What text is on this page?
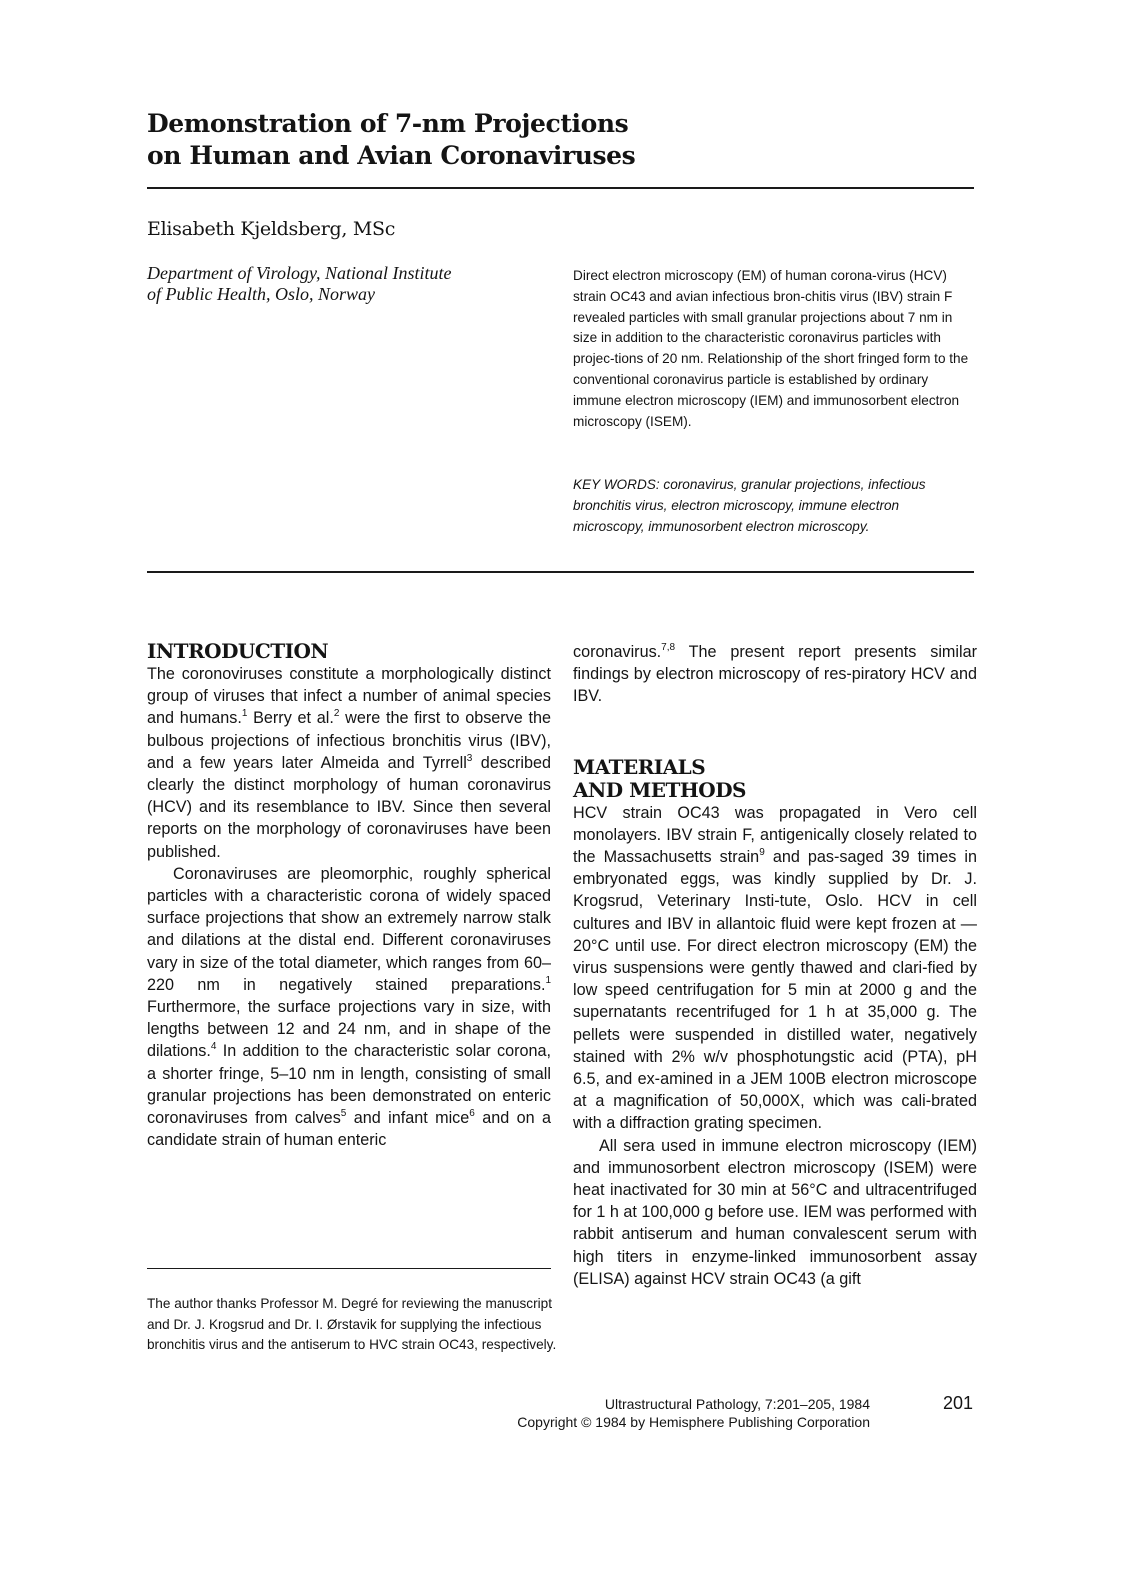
Demonstration of 7-nm Projections
on Human and Avian Coronaviruses
Elisabeth Kjeldsberg, MSc
Department of Virology, National Institute
of Public Health, Oslo, Norway
Direct electron microscopy (EM) of human corona-virus (HCV) strain OC43 and avian infectious bron-chitis virus (IBV) strain F revealed particles with small granular projections about 7 nm in size in addition to the characteristic coronavirus particles with projec-tions of 20 nm. Relationship of the short fringed form to the conventional coronavirus particle is established by ordinary immune electron microscopy (IEM) and immunosorbent electron microscopy (ISEM).
KEY WORDS: coronavirus, granular projections, infectious bronchitis virus, electron microscopy, immune electron microscopy, immunosorbent electron microscopy.
INTRODUCTION

The coronoviruses constitute a morphologically distinct group of viruses that infect a number of animal species and humans.$^1$ Berry et al.$^2$ were the first to observe the bulbous projections of infectious bronchitis virus (IBV), and a few years later Almeida and Tyrrell$^3$ described clearly the distinct morphology of human coronavirus (HCV) and its resemblance to IBV. Since then several reports on the morphology of coronaviruses have been published.

Coronaviruses are pleomorphic, roughly spherical particles with a characteristic corona of widely spaced surface projections that show an extremely narrow stalk and dilations at the distal end. Different coronaviruses vary in size of the total diameter, which ranges from 60–220 nm in negatively stained preparations.$^1$ Furthermore, the surface projections vary in size, with lengths between 12 and 24 nm, and in shape of the dilations.$^4$ In addition to the characteristic solar corona, a shorter fringe, 5–10 nm in length, consisting of small granular projections has been demonstrated on enteric coronaviruses from calves$^5$ and infant mice$^6$ and on a candidate strain of human enteric

The author thanks Professor M. Degré for reviewing the manuscript and Dr. J. Krogsrud and Dr. I. Ørstavik for supplying the infectious bronchitis virus and the antiserum to HVC strain OC43, respectively.

coronavirus.$^{7,8}$ The present report presents similar findings by electron microscopy of res-piratory HCV and IBV.

MATERIALS
AND METHODS

HCV strain OC43 was propagated in Vero cell monolayers. IBV strain F, antigenically closely related to the Massachusetts strain$^9$ and pas-saged 39 times in embryonated eggs, was kindly supplied by Dr. J. Krogsrud, Veterinary Insti-tute, Oslo. HCV in cell cultures and IBV in allantoic fluid were kept frozen at —20°C until use. For direct electron microscopy (EM) the virus suspensions were gently thawed and clari-fied by low speed centrifugation for 5 min at 2000 g and the supernatants recentrifuged for 1 h at 35,000 g. The pellets were suspended in distilled water, negatively stained with 2% w/v phosphotungstic acid (PTA), pH 6.5, and ex-amined in a JEM 100B electron microscope at a magnification of 50,000X, which was cali-brated with a diffraction grating specimen.

All sera used in immune electron microscopy (IEM) and immunosorbent electron microscopy (ISEM) were heat inactivated for 30 min at 56°C and ultracentrifuged for 1 h at 100,000 g before use. IEM was performed with rabbit antiserum and human convalescent serum with high titers in enzyme-linked immunosorbent assay (ELISA) against HCV strain OC43 (a gift

Ultrastructural Pathology, 7:201–205, 1984
Copyright © 1984 by Hemisphere Publishing Corporation
201
